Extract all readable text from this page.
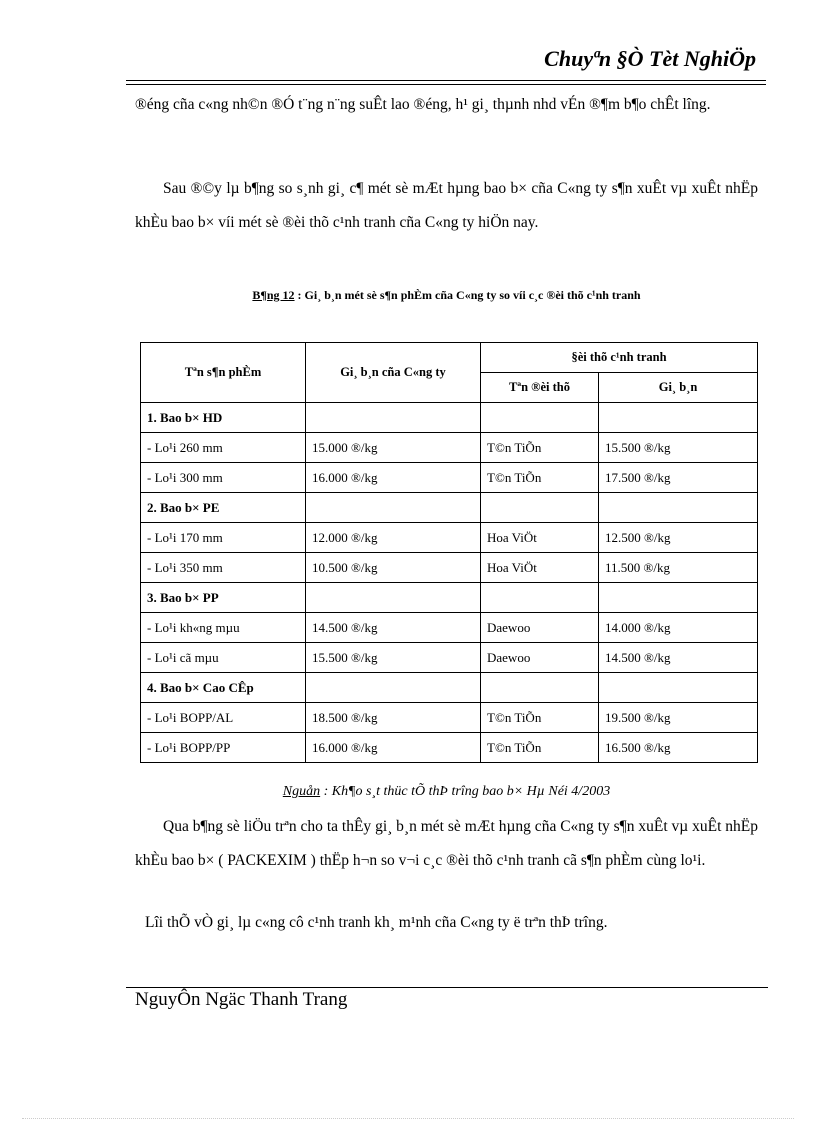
Chuyªn §Ò Tèt NghiÖp

®éng cña c«ng nh©n ®Ó t¨ng n¨ng suÊt lao ®éng, h¹ gi¸ thµnh nhd vÉn ®¶m b¶o chÊt lîng.

Sau ®©y lµ b¶ng so s¸nh gi¸ c¶ mét sè mÆt hµng bao b× cña C«ng ty s¶n xuÊt vµ xuÊt nhËp khÈu bao b× víi mét sè ®èi thõ c¹nh tranh cña C«ng ty hiÖn nay.

B¶ng 12 : Gi¸ b¸n mét sè s¶n phÈm cña C«ng ty so víi c¸c ®èi thõ c¹nh tranh
Tªn s¶n phÈm	Gi¸ b¸n cña C«ng ty	§èi thõ c¹nh tranh	
		Tªn ®èi thõ	Gi¸ b¸n
1. Bao b× HD			
- Lo¹i 260 mm	15.000 ®/kg	T©n TiÕn	15.500 ®/kg
- Lo¹i 300 mm	16.000 ®/kg	T©n TiÕn	17.500 ®/kg
2. Bao b× PE			
- Lo¹i 170 mm	12.000 ®/kg	Hoa ViÖt	12.500 ®/kg
- Lo¹i 350 mm	10.500 ®/kg	Hoa ViÖt	11.500 ®/kg
3. Bao b× PP			
- Lo¹i kh«ng mµu	14.500 ®/kg	Daewoo	14.000 ®/kg
- Lo¹i cã mµu	15.500 ®/kg	Daewoo	14.500 ®/kg
4. Bao b× Cao CÊp			
- Lo¹i BOPP/AL	18.500 ®/kg	T©n TiÕn	19.500 ®/kg
- Lo¹i BOPP/PP	16.000 ®/kg	T©n TiÕn	16.500 ®/kg
Nguån : Kh¶o s¸t thüc tÕ thÞ trîng bao b× Hµ Néi 4/2003

Qua b¶ng sè liÖu trªn cho ta thÊy gi¸ b¸n mét sè mÆt hµng cña C«ng ty s¶n xuÊt vµ xuÊt nhËp khÈu bao b× ( PACKEXIM ) thËp h¬n so v¬i c¸c ®èi thõ c¹nh tranh cã s¶n phÈm cùng lo¹i.

Lîi thÕ vÒ gi¸ lµ c«ng cô c¹nh tranh kh¸ m¹nh cña C«ng ty ë trªn thÞ trîng.

NguyÔn Ngäc Thanh Trang
